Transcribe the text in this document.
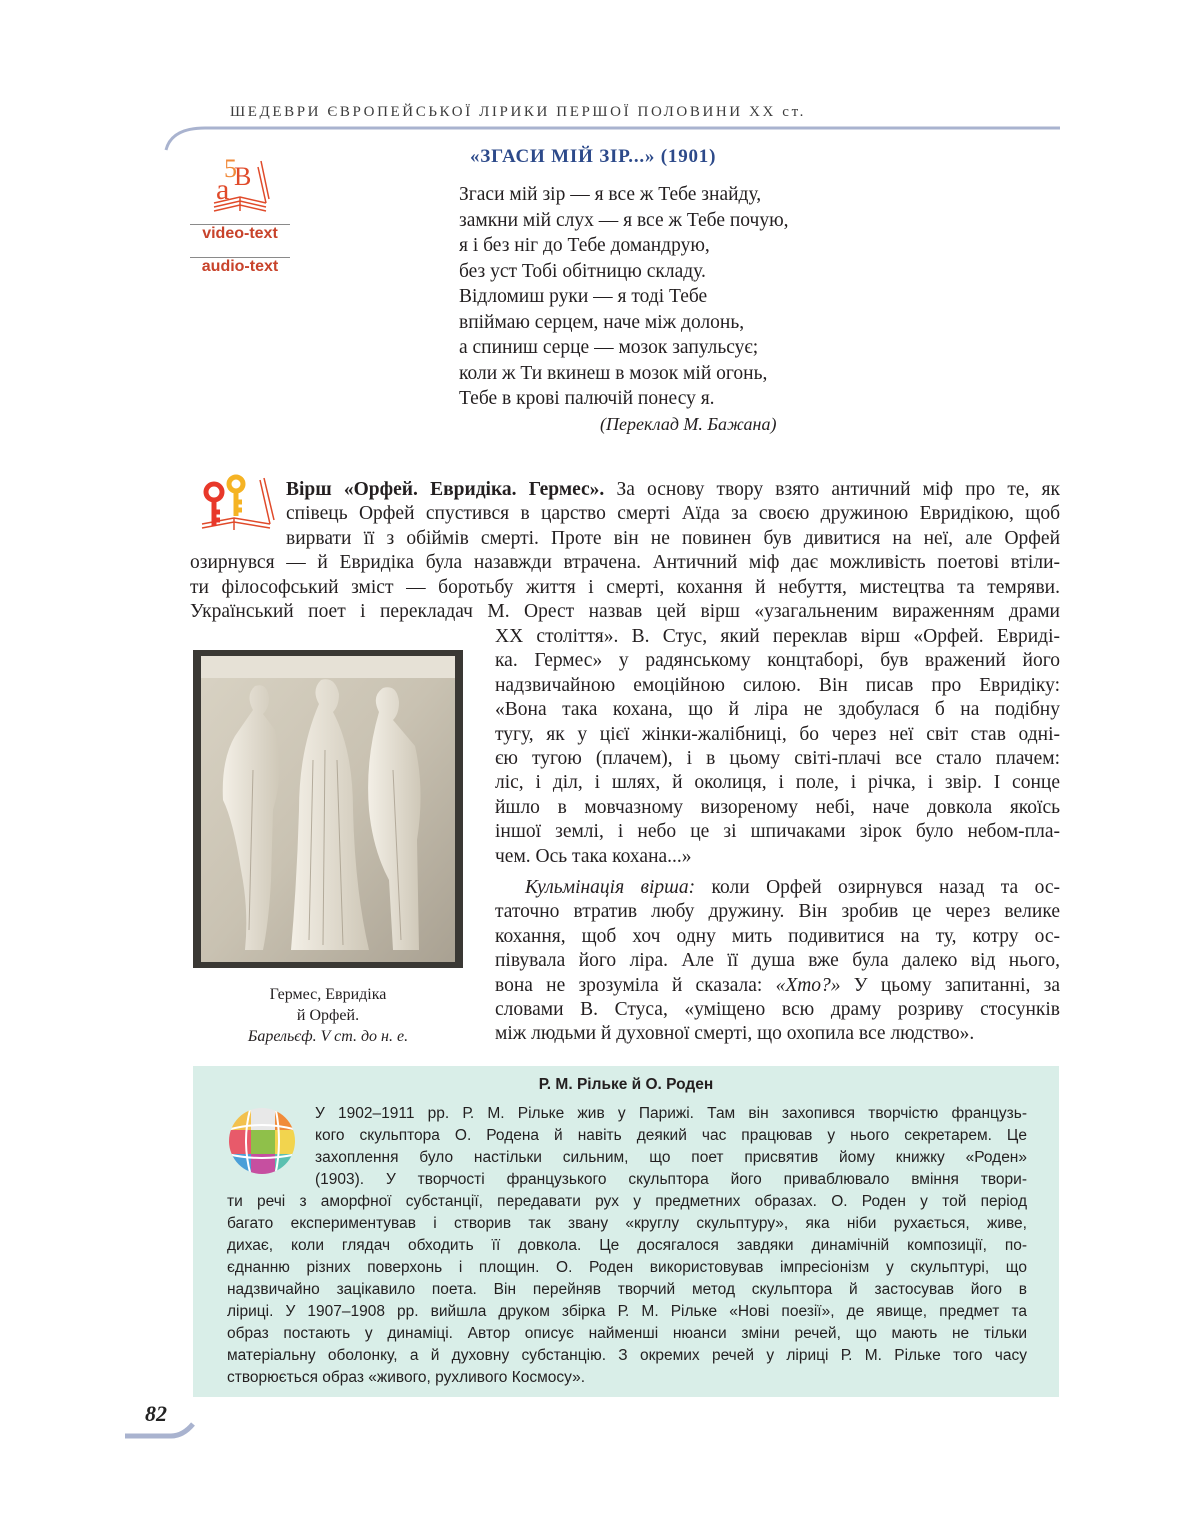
ШЕДЕВРИ ЄВРОПЕЙСЬКОЇ ЛІРИКИ ПЕРШОЇ ПОЛОВИНИ XX ст.
5
B
a
video-text
audio-text
«ЗГАСИ МІЙ ЗІР...» (1901)
Згаси мій зір — я все ж Тебе знайду,
замкни мій слух — я все ж Тебе почую,
я і без ніг до Тебе домандрую,
без уст Тобі обітницю складу.
Відломиш руки — я тоді Тебе
впіймаю серцем, наче між долонь,
а спиниш серце — мозок запульсує;
коли ж Ти вкинеш в мозок мій огонь,
Тебе в крові палючій понесу я.
(Переклад М. Бажана)
Вірш «Орфей. Евридіка. Гермес». За основу твору взято античний міф про те, як
співець Орфей спустився в царство смерті Аїда за своєю дружиною Евридікою, щоб
вирвати її з обіймів смерті. Проте він не повинен був дивитися на неї, але Орфей
озирнувся — й Евридіка була назавжди втрачена. Античний міф дає можливість поетові втіли-
ти філософський зміст — боротьбу життя і смерті, кохання й небуття, мистецтва та темряви.
Український поет і перекладач М. Орест назвав цей вірш «узагальненим вираженням драми
XX століття». В. Стус, який переклав вірш «Орфей. Евриді-
ка. Гермес» у радянському концтаборі, був вражений його
надзвичайною емоційною силою. Він писав про Евридіку:
«Вона така кохана, що й ліра не здобулася б на подібну
тугу, як у цієї жінки-жалібниці, бо через неї світ став одні-
єю тугою (плачем), і в цьому світі-плачі все стало плачем:
ліс, і діл, і шлях, й околиця, і поле, і річка, і звір. І сонце
йшло в мовчазному визореному небі, наче довкола якоїсь
іншої землі, і небо це зі шпичаками зірок було небом-пла-
чем. Ось така кохана...»
Кульмінація вірша: коли Орфей озирнувся назад та ос-
таточно втратив любу дружину. Він зробив це через велике
кохання, щоб хоч одну мить подивитися на ту, котру ос-
півувала його ліра. Але її душа вже була далеко від нього,
вона не зрозуміла й сказала: «Хто?» У цьому запитанні, за
словами В. Стуса, «уміщено всю драму розриву стосунків
між людьми й духовної смерті, що охопила все людство».
Гермес, Евридіка
й Орфей.
Барельєф. V ст. до н. е.
Р. М. Рільке й О. Роден
У 1902–1911 рр. Р. М. Рільке жив у Парижі. Там він захопився творчістю французь-
кого скульптора О. Родена й навіть деякий час працював у нього секретарем. Це
захоплення було настільки сильним, що поет присвятив йому книжку «Роден»
(1903). У творчості французького скульптора його приваблювало вміння твори-
ти речі з аморфної субстанції, передавати рух у предметних образах. О. Роден у той період
багато експериментував і створив так звану «круглу скульптуру», яка ніби рухається, живе,
дихає, коли глядач обходить її довкола. Це досягалося завдяки динамічній композиції, по-
єднанню різних поверхонь і площин. О. Роден використовував імпресіонізм у скульптурі, що
надзвичайно зацікавило поета. Він перейняв творчий метод скульптора й застосував його в
ліриці. У 1907–1908 рр. вийшла друком збірка Р. М. Рільке «Нові поезії», де явище, предмет та
образ постають у динаміці. Автор описує найменші нюанси зміни речей, що мають не тільки
матеріальну оболонку, а й духовну субстанцію. З окремих речей у ліриці Р. М. Рільке того часу
створюється образ «живого, рухливого Космосу».
82
